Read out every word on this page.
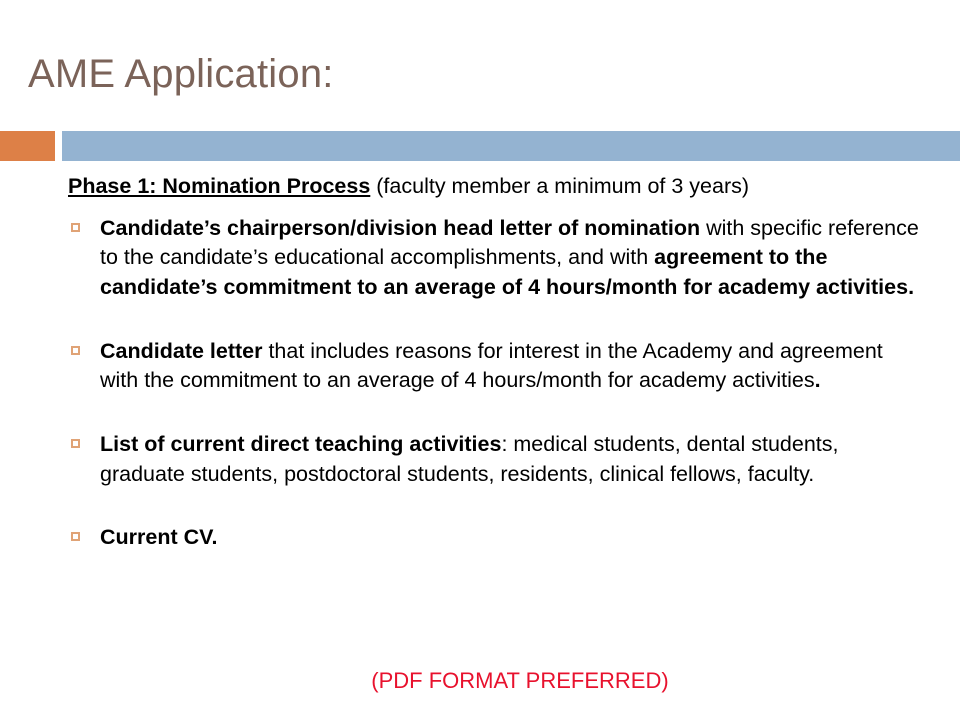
AME Application:

Phase 1: Nomination Process (faculty member a minimum of 3 years)

Candidate’s chairperson/division head letter of nomination with specific reference to the candidate’s educational accomplishments, and with agreement to the candidate’s commitment to an average of 4 hours/month for academy activities.
Candidate letter that includes reasons for interest in the Academy and agreement with the commitment to an average of 4 hours/month for academy activities.
List of current direct teaching activities: medical students, dental students, graduate students, postdoctoral students, residents, clinical fellows, faculty.
Current CV.
(PDF FORMAT PREFERRED)
